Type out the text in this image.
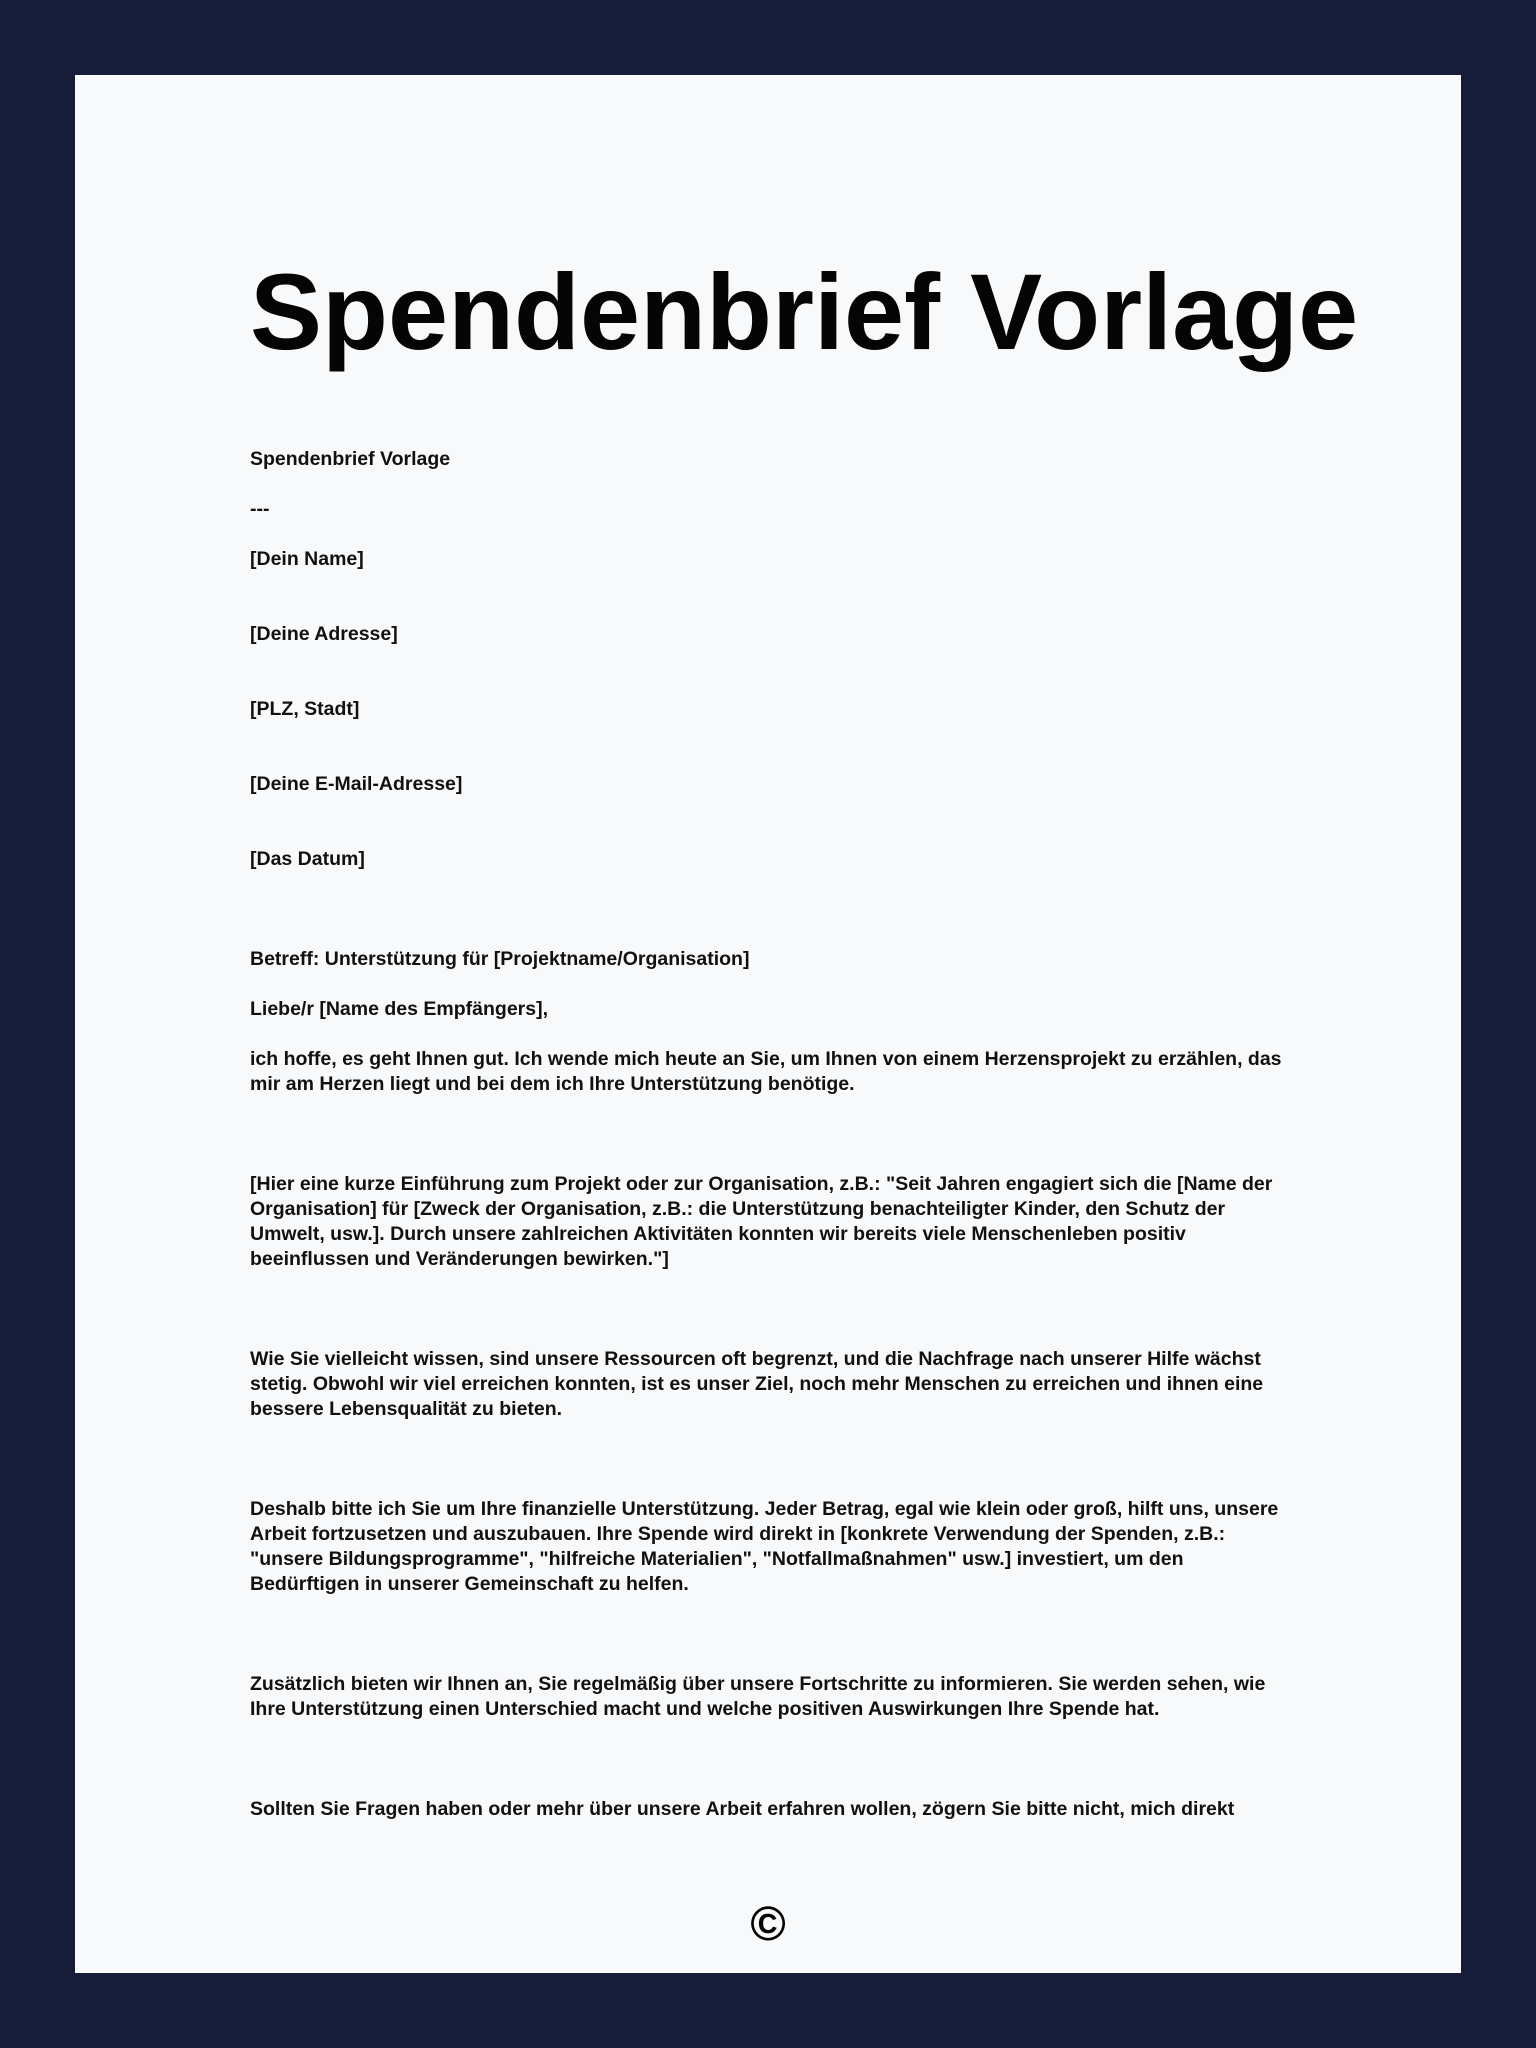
Spendenbrief Vorlage

Spendenbrief Vorlage

---

[Dein Name]

[Deine Adresse]

[PLZ, Stadt]

[Deine E-Mail-Adresse]

[Das Datum]

Betreff: Unterstützung für [Projektname/Organisation]

Liebe/r [Name des Empfängers],

ich hoffe, es geht Ihnen gut. Ich wende mich heute an Sie, um Ihnen von einem Herzensprojekt zu erzählen, das mir am Herzen liegt und bei dem ich Ihre Unterstützung benötige.

[Hier eine kurze Einführung zum Projekt oder zur Organisation, z.B.: "Seit Jahren engagiert sich die [Name der Organisation] für [Zweck der Organisation, z.B.: die Unterstützung benachteiligter Kinder, den Schutz der Umwelt, usw.]. Durch unsere zahlreichen Aktivitäten konnten wir bereits viele Menschenleben positiv beeinflussen und Veränderungen bewirken."]

Wie Sie vielleicht wissen, sind unsere Ressourcen oft begrenzt, und die Nachfrage nach unserer Hilfe wächst stetig. Obwohl wir viel erreichen konnten, ist es unser Ziel, noch mehr Menschen zu erreichen und ihnen eine bessere Lebensqualität zu bieten.

Deshalb bitte ich Sie um Ihre finanzielle Unterstützung. Jeder Betrag, egal wie klein oder groß, hilft uns, unsere Arbeit fortzusetzen und auszubauen. Ihre Spende wird direkt in [konkrete Verwendung der Spenden, z.B.: "unsere Bildungsprogramme", "hilfreiche Materialien", "Notfallmaßnahmen" usw.] investiert, um den Bedürftigen in unserer Gemeinschaft zu helfen.

Zusätzlich bieten wir Ihnen an, Sie regelmäßig über unsere Fortschritte zu informieren. Sie werden sehen, wie Ihre Unterstützung einen Unterschied macht und welche positiven Auswirkungen Ihre Spende hat.

Sollten Sie Fragen haben oder mehr über unsere Arbeit erfahren wollen, zögern Sie bitte nicht, mich direkt

©
